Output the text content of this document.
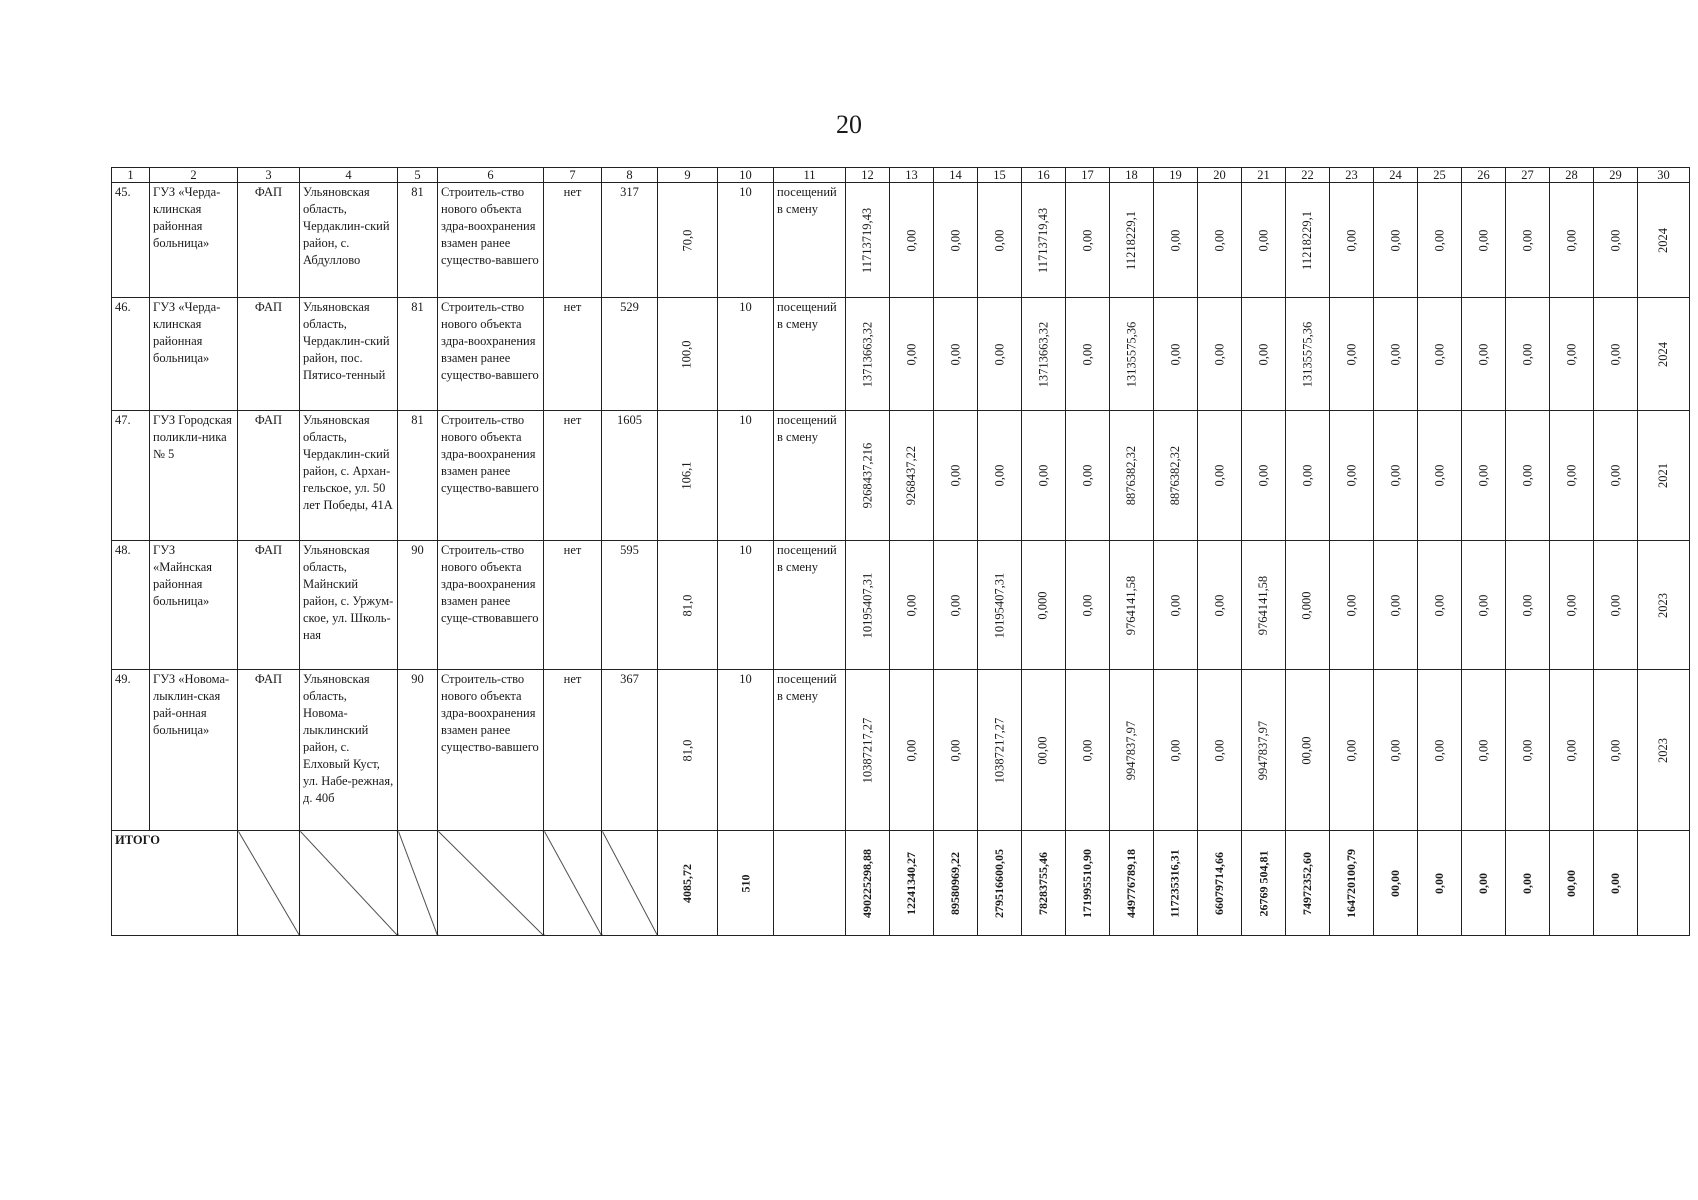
20
1	2	3	4	5	6	7	8	9	10	11	12	13	14	15	16	17	18	19	20	21	22	23	24	25	26	27	28	29	30
45.	ГУЗ «Черда-клинская районная больница»	ФАП	Ульяновская область, Чердаклин-ский район, с. Абдуллово	81	Строитель-ство нового объекта здра-воохранения взамен ранее существо-вавшего	нет	317	70,0	10	посещений в смену	11713719,43	0,00	0,00	0,00	11713719,43	0,00	11218229,1	0,00	0,00	0,00	11218229,1	0,00	0,00	0,00	0,00	0,00	0,00	0,00	2024

46.	ГУЗ «Черда-клинская районная больница»	ФАП	Ульяновская область, Чердаклин-ский район, пос. Пятисо-тенный	81	Строитель-ство нового объекта здра-воохранения взамен ранее существо-вавшего	нет	529	100,0	10	посещений в смену	13713663,32	0,00	0,00	0,00	13713663,32	0,00	13135575,36	0,00	0,00	0,00	13135575,36	0,00	0,00	0,00	0,00	0,00	0,00	0,00	2024

47.	ГУЗ Городская поликли-ника № 5	ФАП	Ульяновская область, Чердаклин-ский район, с. Архан-гельское, ул. 50 лет Победы, 41А	81	Строитель-ство нового объекта здра-воохранения взамен ранее существо-вавшего	нет	1605	106,1	10	посещений в смену	9268437,216	9268437,22	0,00	0,00	0,00	0,00	8876382,32	8876382,32	0,00	0,00	0,00	0,00	0,00	0,00	0,00	0,00	0,00	0,00	2021

48.	ГУЗ «Майнская районная больница»	ФАП	Ульяновская область, Майнский район, с. Уржум-ское, ул. Школь-ная	90	Строитель-ство нового объекта здра-воохранения взамен ранее суще-ствовавшего	нет	595	81,0	10	посещений в смену	10195407,31	0,00	0,00	10195407,31	0,000	0,00	9764141,58	0,00	0,00	9764141,58	0,000	0,00	0,00	0,00	0,00	0,00	0,00	0,00	2023

49.	ГУЗ «Новома-лыклин-ская рай-онная больница»	ФАП	Ульяновская область, Новома-лыклинский район, с. Елховый Куст, ул. Набе-режная, д. 40б	90	Строитель-ство нового объекта здра-воохранения взамен ранее существо-вавшего	нет	367	81,0	10	посещений в смену	10387217,27	0,00	0,00	10387217,27	00,00	0,00	9947837,97	0,00	0,00	9947837,97	00,00	0,00	0,00	0,00	0,00	0,00	0,00	0,00	2023

ИТОГО								4085,72	510		490225298,88	12241340,27	89580969,22	279516600,05	78283755,46	171995510,90	449776789,18	117235316,31	66079714,66	26769 504,81	74972352,60	164720100,79	00,00	0,00	0,00	0,00	00,00	0,00	
